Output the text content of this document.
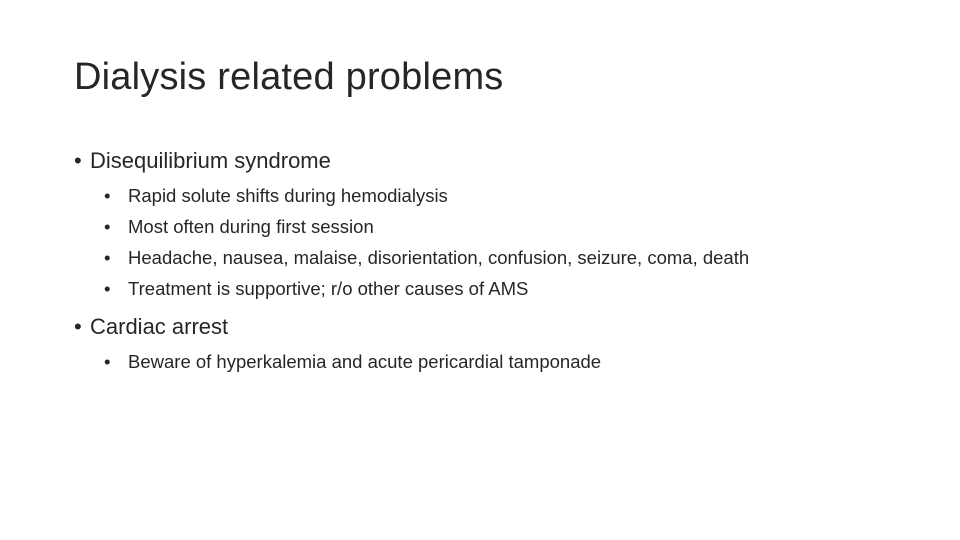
Dialysis related problems
• Disequilibrium syndrome
• Rapid solute shifts during hemodialysis
• Most often during first session
• Headache, nausea, malaise, disorientation, confusion, seizure, coma, death
• Treatment is supportive; r/o other causes of AMS
• Cardiac arrest
• Beware of hyperkalemia and acute pericardial tamponade
